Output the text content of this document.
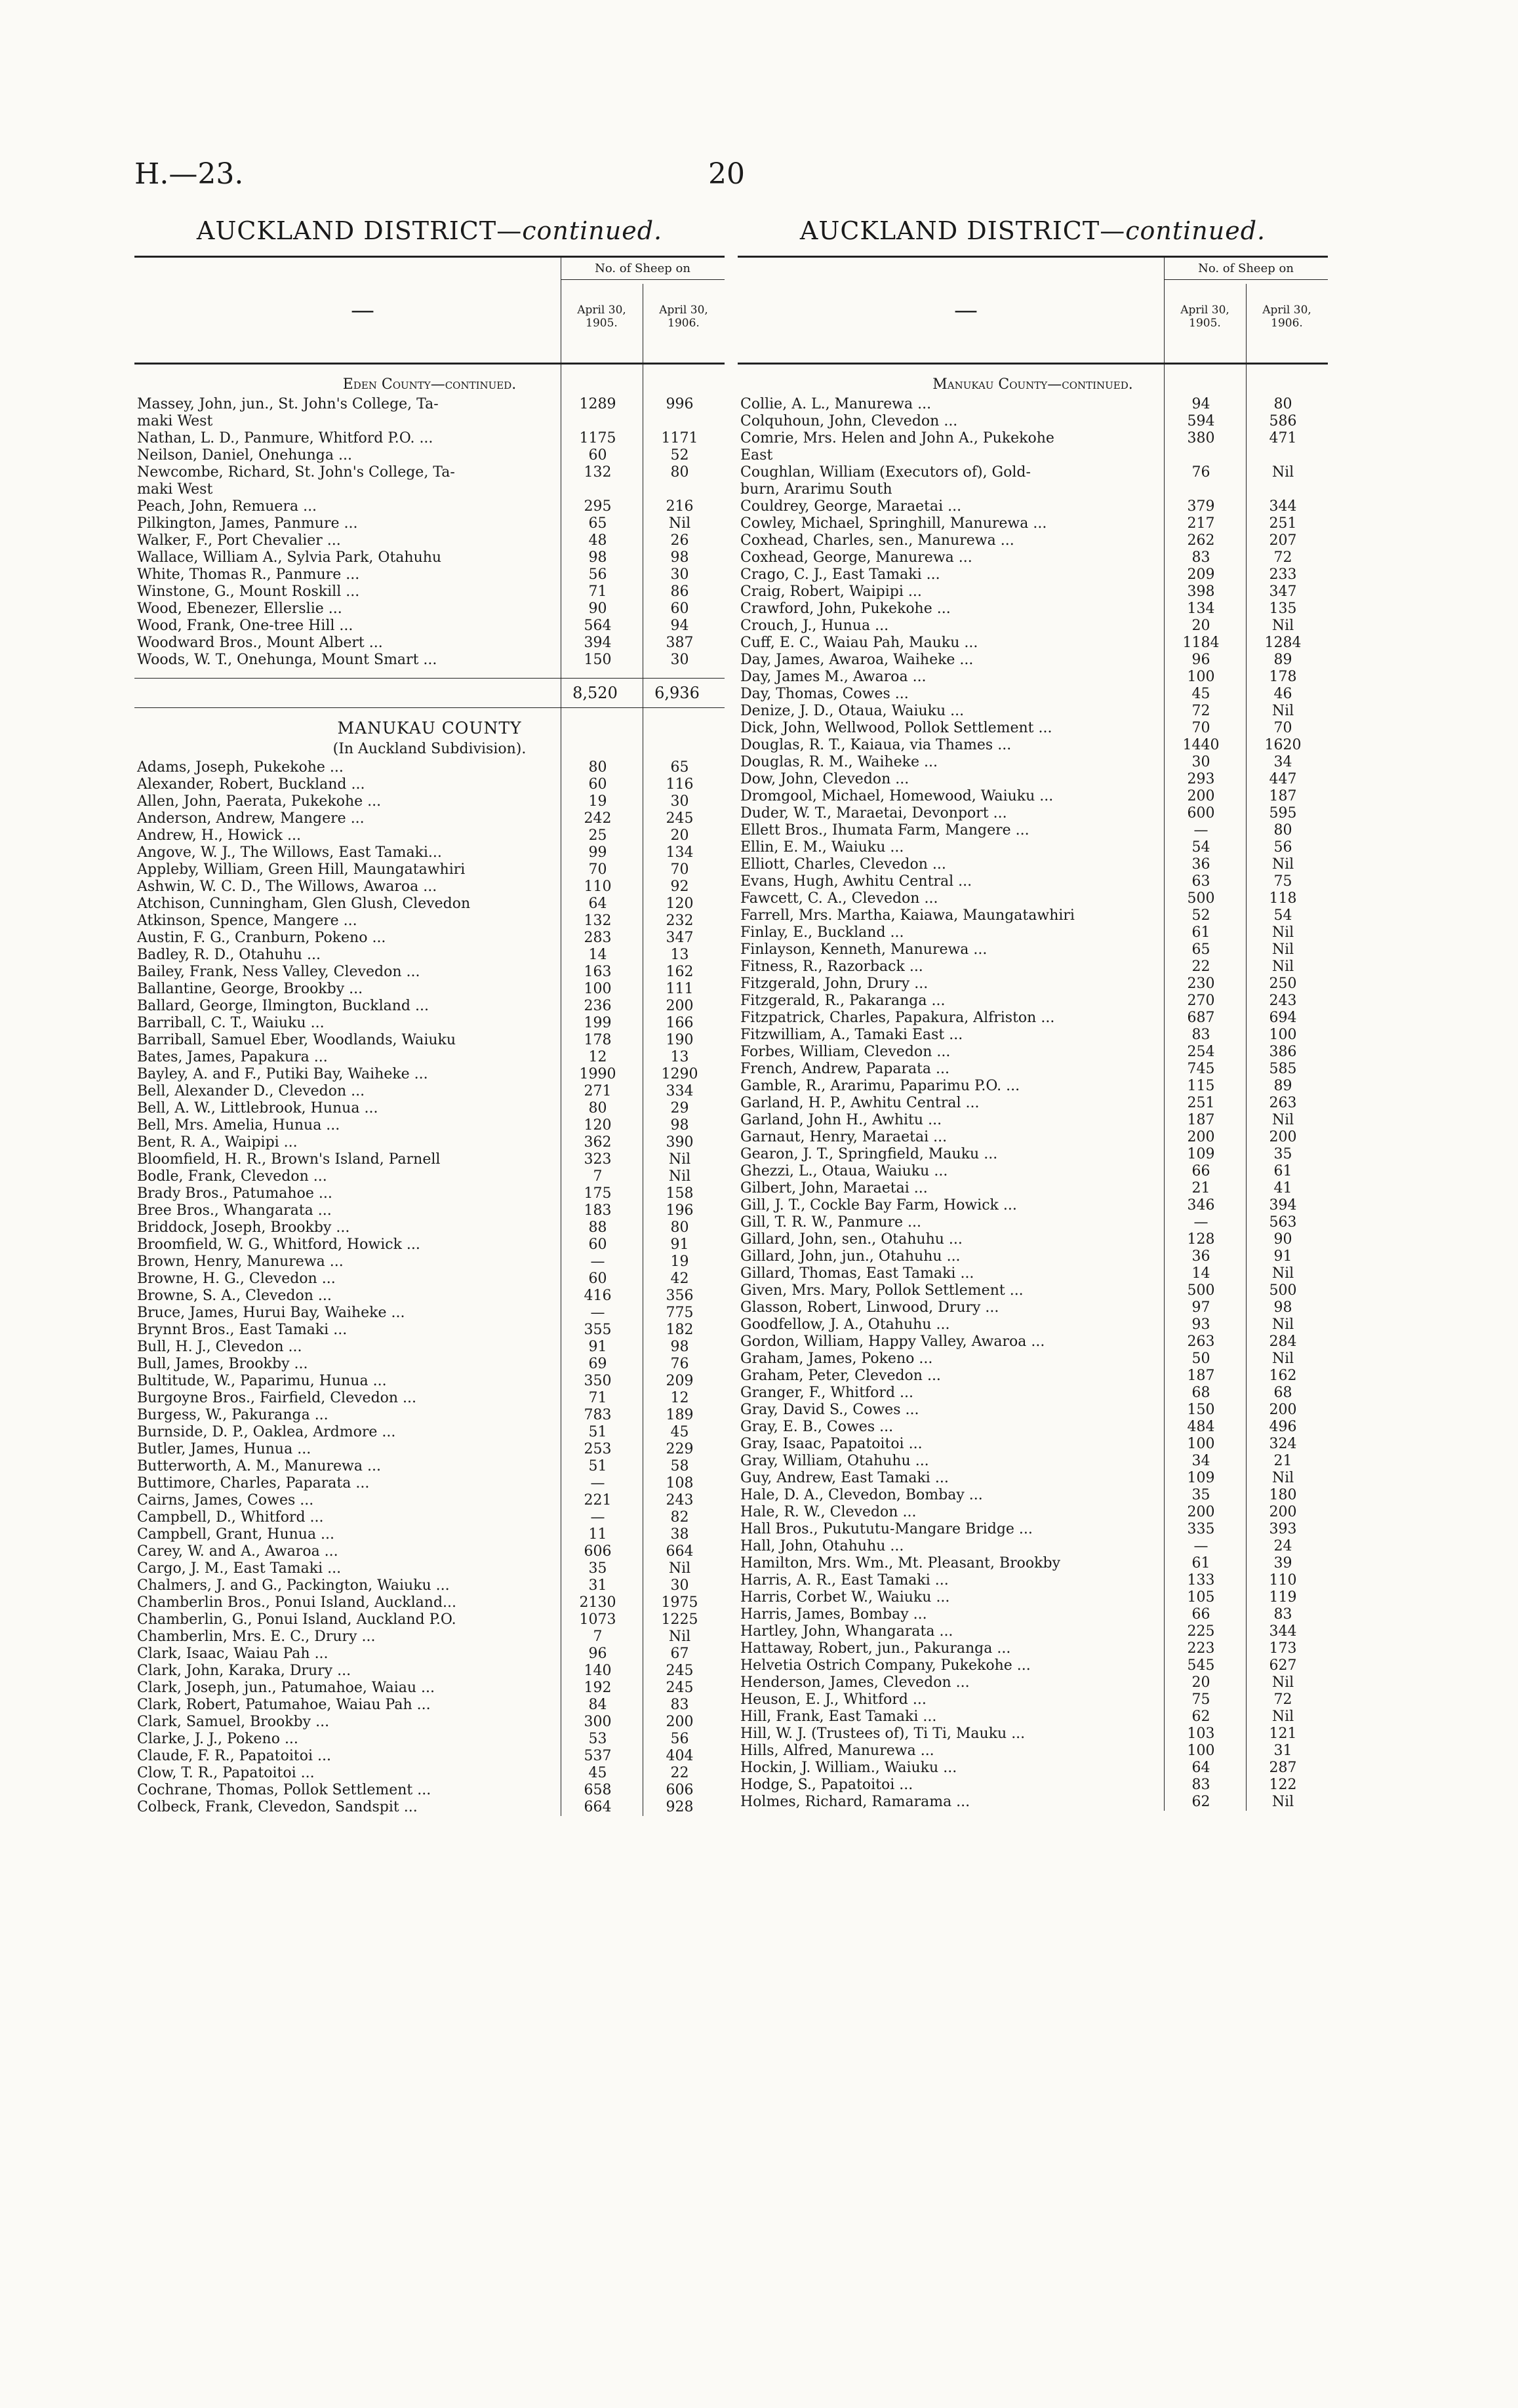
H.—23.	20
AUCKLAND DISTRICT—continued.
—
No. of Sheep on
April 30, 1905.
April 30, 1906.
Eden County—continued.
Massey, John, jun., St. John's College, Ta-	1289	996
maki West
Nathan, L. D., Panmure, Whitford P.O. ...	1175	1171
Neilson, Daniel, Onehunga ...	60	52
Newcombe, Richard, St. John's College, Ta-	132	80
maki West
Peach, John, Remuera ...	295	216
Pilkington, James, Panmure ...	65	Nil
Walker, F., Port Chevalier ...	48	26
Wallace, William A., Sylvia Park, Otahuhu	98	98
White, Thomas R., Panmure ...	56	30
Winstone, G., Mount Roskill ...	71	86
Wood, Ebenezer, Ellerslie ...	90	60
Wood, Frank, One-tree Hill ...	564	94
Woodward Bros., Mount Albert ...	394	387
Woods, W. T., Onehunga, Mount Smart ...	150	30
8,520	6,936
MANUKAU COUNTY
(In Auckland Subdivision).
Adams, Joseph, Pukekohe ...	80	65
Alexander, Robert, Buckland ...	60	116
Allen, John, Paerata, Pukekohe ...	19	30
Anderson, Andrew, Mangere ...	242	245
Andrew, H., Howick ...	25	20
Angove, W. J., The Willows, East Tamaki...	99	134
Appleby, William, Green Hill, Maungatawhiri	70	70
Ashwin, W. C. D., The Willows, Awaroa ...	110	92
Atchison, Cunningham, Glen Glush, Clevedon	64	120
Atkinson, Spence, Mangere ...	132	232
Austin, F. G., Cranburn, Pokeno ...	283	347
Badley, R. D., Otahuhu ...	14	13
Bailey, Frank, Ness Valley, Clevedon ...	163	162
Ballantine, George, Brookby ...	100	111
Ballard, George, Ilmington, Buckland ...	236	200
Barriball, C. T., Waiuku ...	199	166
Barriball, Samuel Eber, Woodlands, Waiuku	178	190
Bates, James, Papakura ...	12	13
Bayley, A. and F., Putiki Bay, Waiheke ...	1990	1290
Bell, Alexander D., Clevedon ...	271	334
Bell, A. W., Littlebrook, Hunua ...	80	29
Bell, Mrs. Amelia, Hunua ...	120	98
Bent, R. A., Waipipi ...	362	390
Bloomfield, H. R., Brown's Island, Parnell	323	Nil
Bodle, Frank, Clevedon ...	7	Nil
Brady Bros., Patumahoe ...	175	158
Bree Bros., Whangarata ...	183	196
Briddock, Joseph, Brookby ...	88	80
Broomfield, W. G., Whitford, Howick ...	60	91
Brown, Henry, Manurewa ...	—	19
Browne, H. G., Clevedon ...	60	42
Browne, S. A., Clevedon ...	416	356
Bruce, James, Hurui Bay, Waiheke ...	—	775
Brynnt Bros., East Tamaki ...	355	182
Bull, H. J., Clevedon ...	91	98
Bull, James, Brookby ...	69	76
Bultitude, W., Paparimu, Hunua ...	350	209
Burgoyne Bros., Fairfield, Clevedon ...	71	12
Burgess, W., Pakuranga ...	783	189
Burnside, D. P., Oaklea, Ardmore ...	51	45
Butler, James, Hunua ...	253	229
Butterworth, A. M., Manurewa ...	51	58
Buttimore, Charles, Paparata ...	—	108
Cairns, James, Cowes ...	221	243
Campbell, D., Whitford ...	—	82
Campbell, Grant, Hunua ...	11	38
Carey, W. and A., Awaroa ...	606	664
Cargo, J. M., East Tamaki ...	35	Nil
Chalmers, J. and G., Packington, Waiuku ...	31	30
Chamberlin Bros., Ponui Island, Auckland...	2130	1975
Chamberlin, G., Ponui Island, Auckland P.O.	1073	1225
Chamberlin, Mrs. E. C., Drury ...	7	Nil
Clark, Isaac, Waiau Pah ...	96	67
Clark, John, Karaka, Drury ...	140	245
Clark, Joseph, jun., Patumahoe, Waiau ...	192	245
Clark, Robert, Patumahoe, Waiau Pah ...	84	83
Clark, Samuel, Brookby ...	300	200
Clarke, J. J., Pokeno ...	53	56
Claude, F. R., Papatoitoi ...	537	404
Clow, T. R., Papatoitoi ...	45	22
Cochrane, Thomas, Pollok Settlement ...	658	606
Colbeck, Frank, Clevedon, Sandspit ...	664	928
AUCKLAND DISTRICT—continued.
—
No. of Sheep on
April 30, 1905.
April 30, 1906.
Manukau County—continued.
Collie, A. L., Manurewa ...	94	80
Colquhoun, John, Clevedon ...	594	586
Comrie, Mrs. Helen and John A., Pukekohe	380	471
East
Coughlan, William (Executors of), Gold-	76	Nil
burn, Ararimu South
Couldrey, George, Maraetai ...	379	344
Cowley, Michael, Springhill, Manurewa ...	217	251
Coxhead, Charles, sen., Manurewa ...	262	207
Coxhead, George, Manurewa ...	83	72
Crago, C. J., East Tamaki ...	209	233
Craig, Robert, Waipipi ...	398	347
Crawford, John, Pukekohe ...	134	135
Crouch, J., Hunua ...	20	Nil
Cuff, E. C., Waiau Pah, Mauku ...	1184	1284
Day, James, Awaroa, Waiheke ...	96	89
Day, James M., Awaroa ...	100	178
Day, Thomas, Cowes ...	45	46
Denize, J. D., Otaua, Waiuku ...	72	Nil
Dick, John, Wellwood, Pollok Settlement ...	70	70
Douglas, R. T., Kaiaua, via Thames ...	1440	1620
Douglas, R. M., Waiheke ...	30	34
Dow, John, Clevedon ...	293	447
Dromgool, Michael, Homewood, Waiuku ...	200	187
Duder, W. T., Maraetai, Devonport ...	600	595
Ellett Bros., Ihumata Farm, Mangere ...	—	80
Ellin, E. M., Waiuku ...	54	56
Elliott, Charles, Clevedon ...	36	Nil
Evans, Hugh, Awhitu Central ...	63	75
Fawcett, C. A., Clevedon ...	500	118
Farrell, Mrs. Martha, Kaiawa, Maungatawhiri	52	54
Finlay, E., Buckland ...	61	Nil
Finlayson, Kenneth, Manurewa ...	65	Nil
Fitness, R., Razorback ...	22	Nil
Fitzgerald, John, Drury ...	230	250
Fitzgerald, R., Pakaranga ...	270	243
Fitzpatrick, Charles, Papakura, Alfriston ...	687	694
Fitzwilliam, A., Tamaki East ...	83	100
Forbes, William, Clevedon ...	254	386
French, Andrew, Paparata ...	745	585
Gamble, R., Ararimu, Paparimu P.O. ...	115	89
Garland, H. P., Awhitu Central ...	251	263
Garland, John H., Awhitu ...	187	Nil
Garnaut, Henry, Maraetai ...	200	200
Gearon, J. T., Springfield, Mauku ...	109	35
Ghezzi, L., Otaua, Waiuku ...	66	61
Gilbert, John, Maraetai ...	21	41
Gill, J. T., Cockle Bay Farm, Howick ...	346	394
Gill, T. R. W., Panmure ...	—	563
Gillard, John, sen., Otahuhu ...	128	90
Gillard, John, jun., Otahuhu ...	36	91
Gillard, Thomas, East Tamaki ...	14	Nil
Given, Mrs. Mary, Pollok Settlement ...	500	500
Glasson, Robert, Linwood, Drury ...	97	98
Goodfellow, J. A., Otahuhu ...	93	Nil
Gordon, William, Happy Valley, Awaroa ...	263	284
Graham, James, Pokeno ...	50	Nil
Graham, Peter, Clevedon ...	187	162
Granger, F., Whitford ...	68	68
Gray, David S., Cowes ...	150	200
Gray, E. B., Cowes ...	484	496
Gray, Isaac, Papatoitoi ...	100	324
Gray, William, Otahuhu ...	34	21
Guy, Andrew, East Tamaki ...	109	Nil
Hale, D. A., Clevedon, Bombay ...	35	180
Hale, R. W., Clevedon ...	200	200
Hall Bros., Pukututu-Mangare Bridge ...	335	393
Hall, John, Otahuhu ...	—	24
Hamilton, Mrs. Wm., Mt. Pleasant, Brookby	61	39
Harris, A. R., East Tamaki ...	133	110
Harris, Corbet W., Waiuku ...	105	119
Harris, James, Bombay ...	66	83
Hartley, John, Whangarata ...	225	344
Hattaway, Robert, jun., Pakuranga ...	223	173
Helvetia Ostrich Company, Pukekohe ...	545	627
Henderson, James, Clevedon ...	20	Nil
Heuson, E. J., Whitford ...	75	72
Hill, Frank, East Tamaki ...	62	Nil
Hill, W. J. (Trustees of), Ti Ti, Mauku ...	103	121
Hills, Alfred, Manurewa ...	100	31
Hockin, J. William., Waiuku ...	64	287
Hodge, S., Papatoitoi ...	83	122
Holmes, Richard, Ramarama ...	62	Nil
